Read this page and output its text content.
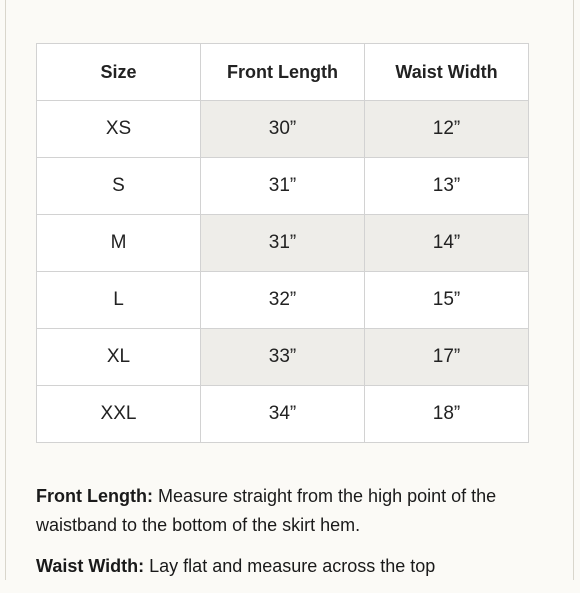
Size	Front Length	Waist Width
XS	30”	12”
S	31”	13”
M	31”	14”
L	32”	15”
XL	33”	17”
XXL	34”	18”

Front Length: Measure straight from the high point of the waistband to the bottom of the skirt hem.

Waist Width: Lay flat and measure across the top
